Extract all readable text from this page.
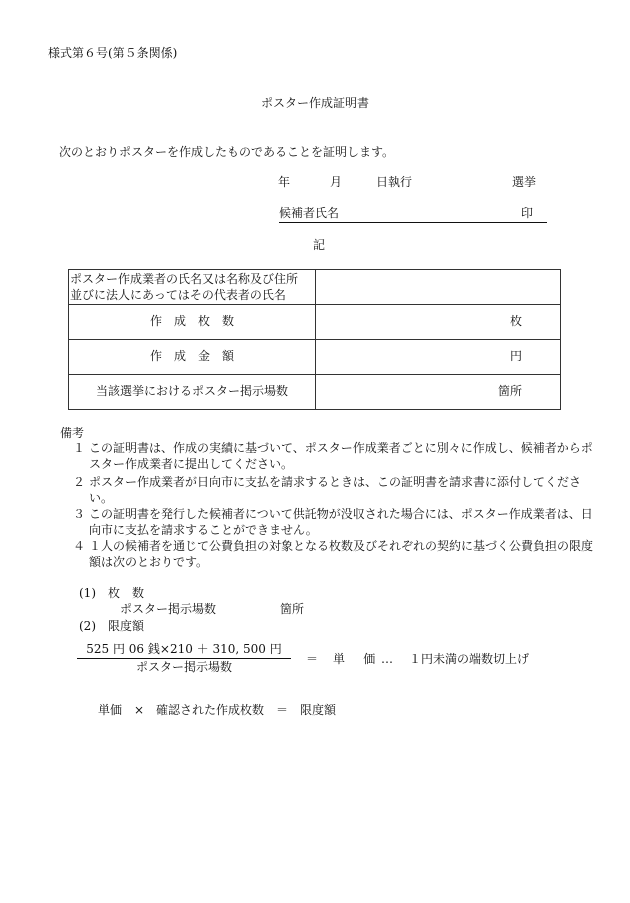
様式第６号(第５条関係)
ポスター作成証明書
次のとおりポスターを作成したものであることを証明します。
年	月	日執行	選挙
候補者氏名	印
記
ポスター作成業者の氏名又は名称及び住所
並びに法人にあってはその代表者の氏名	

作　成　枚　数	枚
作　成　金　額	円
当該選挙におけるポスター掲示場数	箇所
備考
１ この証明書は、作成の実績に基づいて、ポスター作成業者ごとに別々に作成し、候補者からポスター作成業者に提出してください。
２ ポスター作成業者が日向市に支払を請求するときは、この証明書を請求書に添付してください。
３ この証明書を発行した候補者について供託物が没収された場合には、ポスター作成業者は、日向市に支払を請求することができません。
４ １人の候補者を通じて公費負担の対象となる枚数及びそれぞれの契約に基づく公費負担の限度額は次のとおりです。
(1)　枚　数
ポスター掲示場数	箇所
(2)　限度額
525 円 06 銭×210 ＋ 310, 500 円
ポスター掲示場数
＝ 単 価
… １円未満の端数切上げ
単価　×　確認された作成枚数　＝　限度額
